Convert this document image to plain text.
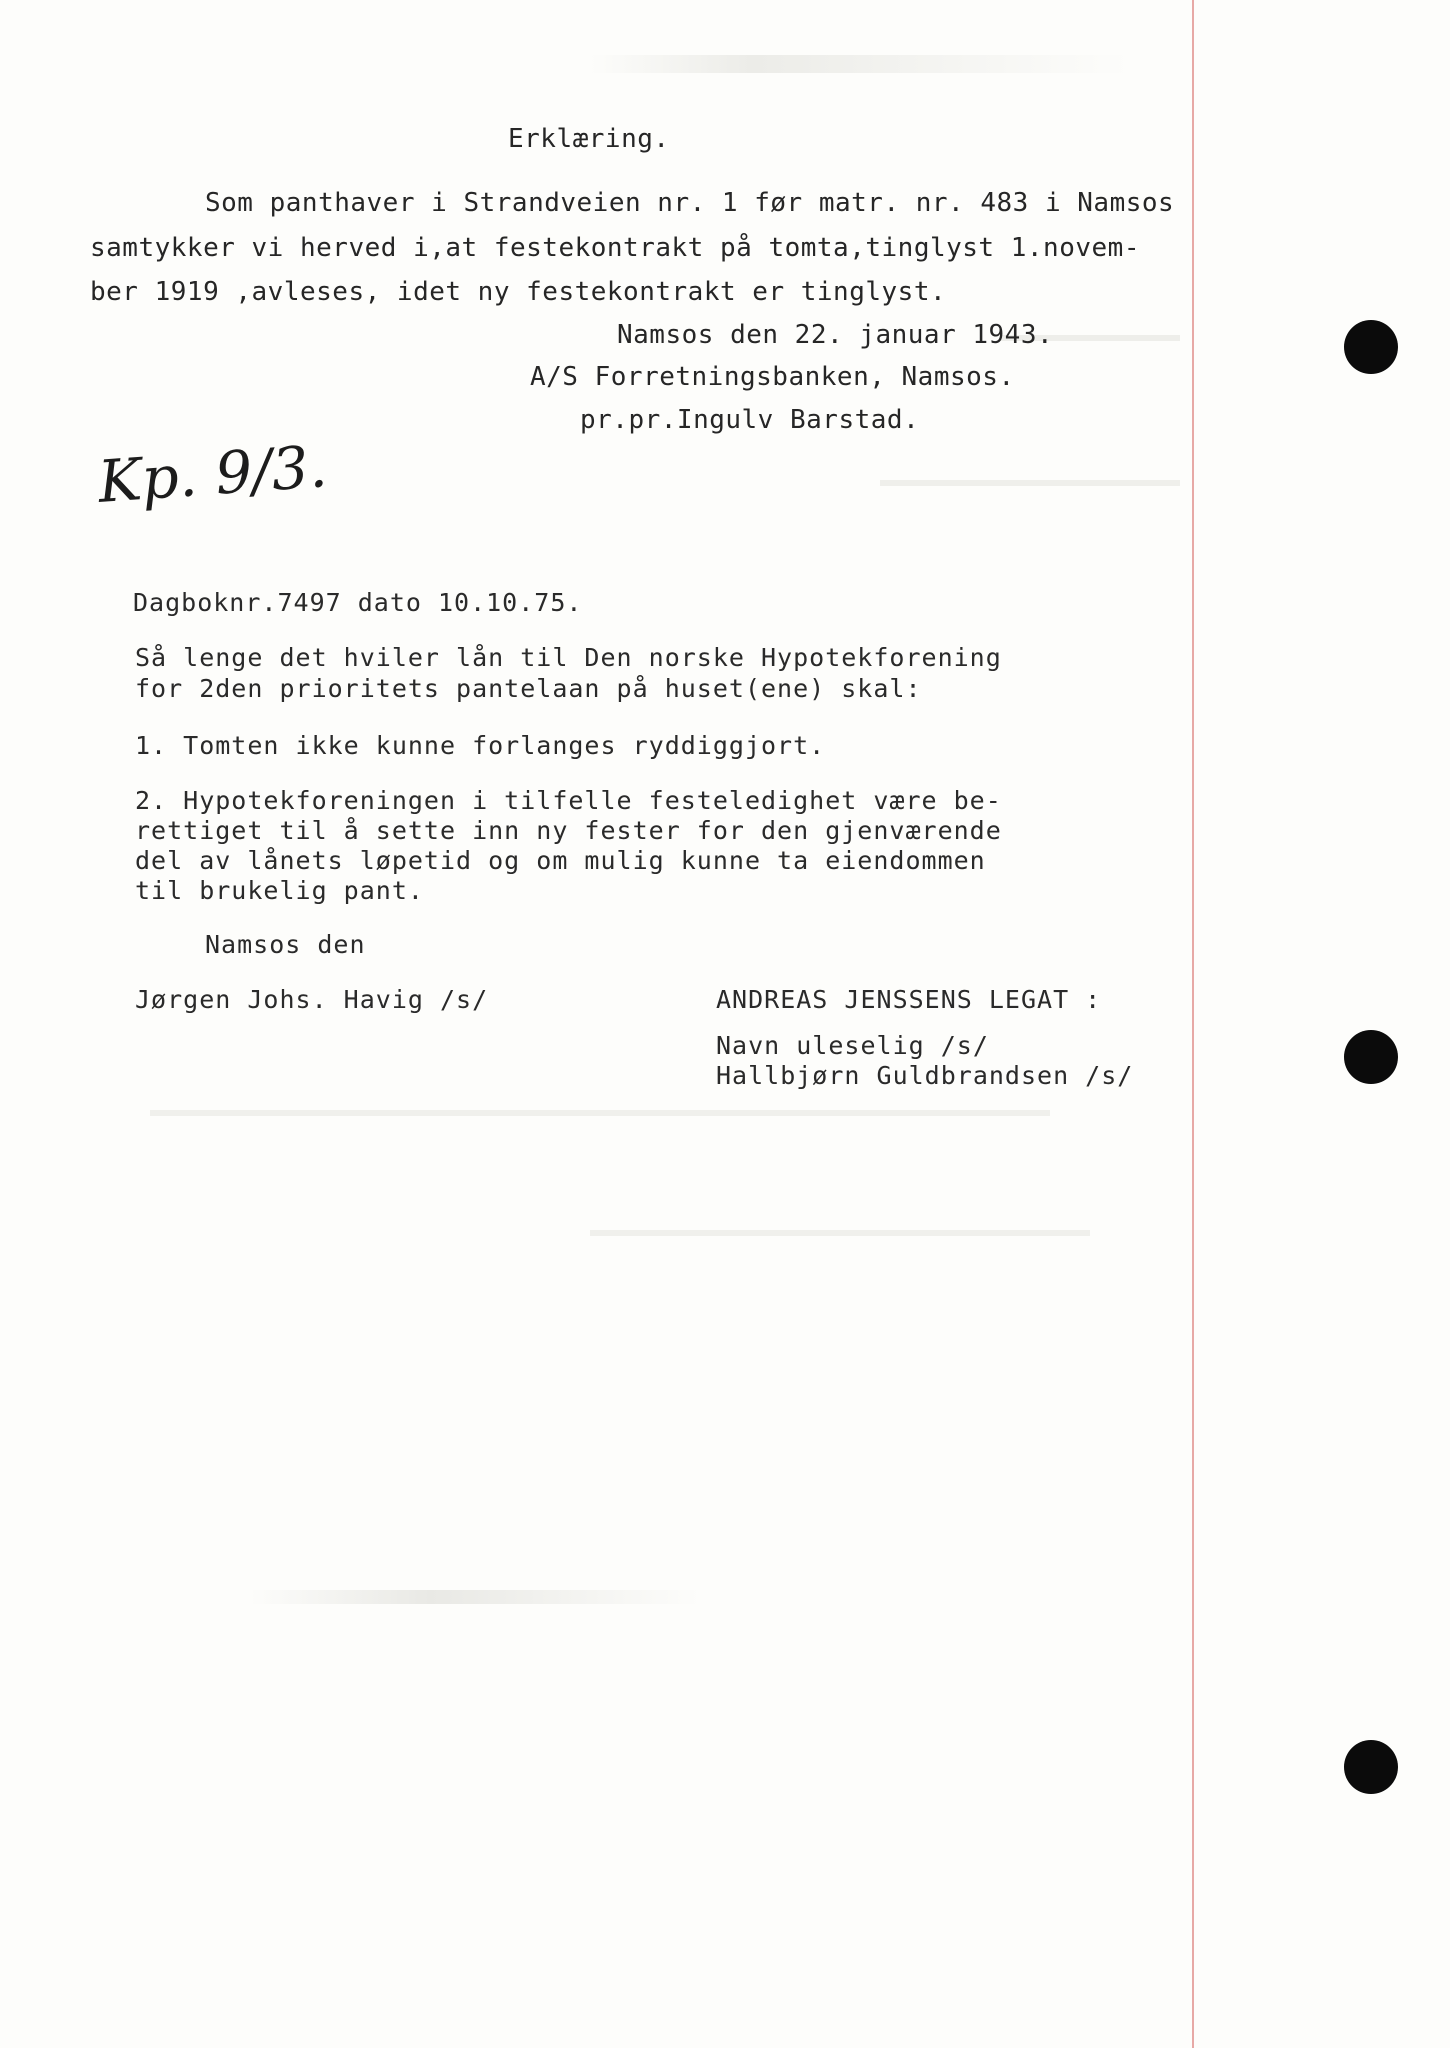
Erklæring.
Som panthaver i Strandveien nr. 1 før matr. nr. 483 i Namsos
samtykker vi herved i,at festekontrakt på tomta,tinglyst 1.novem-
ber 1919 ,avleses, idet ny festekontrakt er tinglyst.
Namsos den 22. januar 1943.
A/S Forretningsbanken, Namsos.
pr.pr.Ingulv Barstad.
Kp. 9/3.
Dagboknr.7497 dato 10.10.75.
Så lenge det hviler lån til Den norske Hypotekforening
for 2den prioritets pantelaan på huset(ene) skal:
1. Tomten ikke kunne forlanges ryddiggjort.
2. Hypotekforeningen i tilfelle festeledighet være be-
rettiget til å sette inn ny fester for den gjenværende
del av lånets løpetid og om mulig kunne ta eiendommen
til brukelig pant.
Namsos den
Jørgen Johs. Havig /s/	ANDREAS JENSSENS LEGAT :
Navn uleselig /s/
Hallbjørn Guldbrandsen /s/
